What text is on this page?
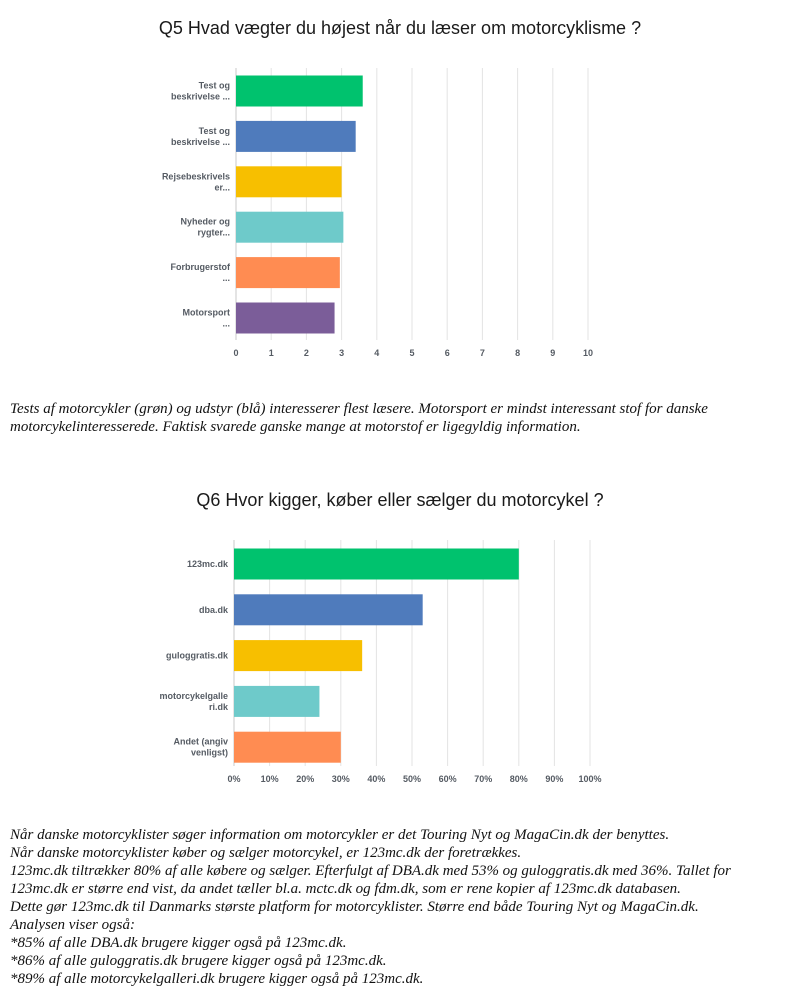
Q5 Hvad vægter du højest når du læser om motorcyklisme ?
Test og beskrivelse ...
Test og beskrivelse ...
Rejsebeskrivels er...
Nyheder og rygter...
Forbrugerstof ...
Motorsport ...
0	1	2	3	4	5	6	7	8	9	10
Tests af motorcykler (grøn) og udstyr (blå) interesserer flest læsere. Motorsport er mindst interessant stof for danske motorcykelinteresserede. Faktisk svarede ganske mange at motorstof er ligegyldig information.
Q6 Hvor kigger, køber eller sælger du motorcykel ?
123mc.dk
dba.dk
guloggratis.dk
motorcykelgalle ri.dk
Andet (angiv venligst)
0% 10% 20% 30% 40% 50% 60% 70% 80% 90% 100%
Når danske motorcyklister søger information om motorcykler er det Touring Nyt og MagaCin.dk der benyttes.
Når danske motorcyklister køber og sælger motorcykel, er 123mc.dk der foretrækkes.
123mc.dk tiltrækker 80% af alle købere og sælger. Efterfulgt af DBA.dk med 53% og guloggratis.dk med 36%. Tallet for
123mc.dk er større end vist, da andet tæller bl.a. mctc.dk og fdm.dk, som er rene kopier af 123mc.dk databasen.
Dette gør 123mc.dk til Danmarks største platform for motorcyklister. Større end både Touring Nyt og MagaCin.dk.
Analysen viser også:
*85% af alle DBA.dk brugere kigger også på 123mc.dk.
*86% af alle guloggratis.dk brugere kigger også på 123mc.dk.
*89% af alle motorcykelgalleri.dk brugere kigger også på 123mc.dk.
